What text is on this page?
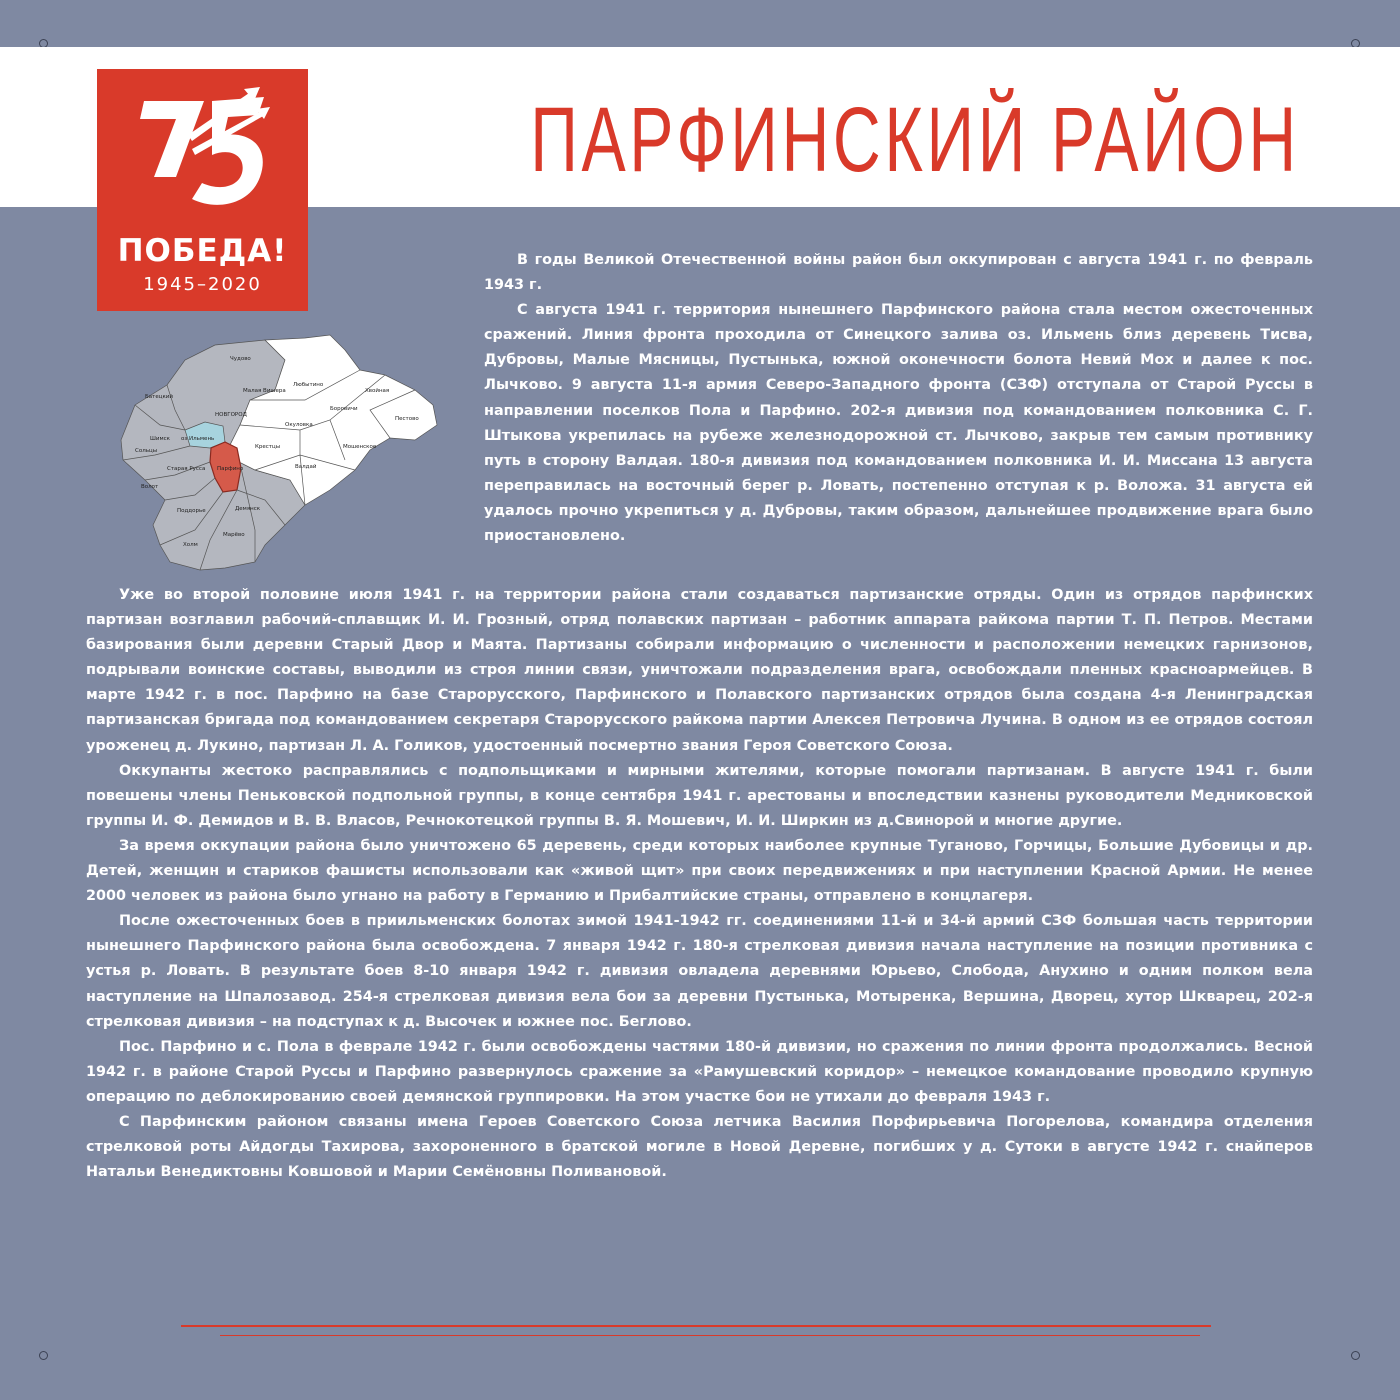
ПАРФИНСКИЙ РАЙОН
ПОБЕДА!
1945–2020
НОВГОРОД
оз.Ильмень
Парфино
Любытино
Хвойная
Окуловка
Валдай
Малая Вишера
Сольцы
Батецкий
Шимск
Старая Русса
Поддорье
Холм
Демянск
Марёво
Крестцы
Чудово
Пестово
Волот
Мошенское
Боровичи

В годы Великой Отечественной войны район был оккупирован с августа 1941 г. по февраль 1943 г.

С августа 1941 г. территория нынешнего Парфинского района стала местом ожесточенных сражений. Линия фронта проходила от Синецкого залива оз. Ильмень близ деревень Тисва, Дубровы, Малые Мясницы, Пустынька, южной оконечности болота Невий Мох и далее к пос. Лычково. 9 августа 11-я армия Северо-Западного фронта (СЗФ) отступала от Старой Руссы в направлении поселков Пола и Парфино. 202-я дивизия под командованием полковника С. Г. Штыкова укрепилась на рубеже железнодорожной ст. Лычково, закрыв тем самым противнику путь в сторону Валдая. 180-я дивизия под командованием полковника И. И. Миссана 13 августа переправилась на восточный берег р. Ловать, постепенно отступая к р. Воложа. 31 августа ей удалось прочно укрепиться у д. Дубровы, таким образом, дальнейшее продвижение врага было приостановлено.

Уже во второй половине июля 1941 г. на территории района стали создаваться партизанские отряды. Один из отрядов парфинских партизан возглавил рабочий-сплавщик И. И. Грозный, отряд полавских партизан – работник аппарата райкома партии Т. П. Петров. Местами базирования были деревни Старый Двор и Маята. Партизаны собирали информацию о численности и расположении немецких гарнизонов, подрывали воинские составы, выводили из строя линии связи, уничтожали подразделения врага, освобождали пленных красноармейцев. В марте 1942 г. в пос. Парфино на базе Старорусского, Парфинского и Полавского партизанских отрядов была создана 4-я Ленинградская партизанская бригада под командованием секретаря Старорусского райкома партии Алексея Петровича Лучина. В одном из ее отрядов состоял уроженец д. Лукино, партизан Л. А. Голиков, удостоенный посмертно звания Героя Советского Союза.

Оккупанты жестоко расправлялись с подпольщиками и мирными жителями, которые помогали партизанам. В августе 1941 г. были повешены члены Пеньковской подпольной группы, в конце сентября 1941 г. арестованы и впоследствии казнены руководители Медниковской группы И. Ф. Демидов и В. В. Власов, Речнокотецкой группы В. Я. Мошевич, И. И. Ширкин из д.Свинорой и многие другие.

За время оккупации района было уничтожено 65 деревень, среди которых наиболее крупные Туганово, Горчицы, Большие Дубовицы и др. Детей, женщин и стариков фашисты использовали как «живой щит» при своих передвижениях и при наступлении Красной Армии. Не менее 2000 человек из района было угнано на работу в Германию и Прибалтийские страны, отправлено в концлагеря.

После ожесточенных боев в приильменских болотах зимой 1941-1942 гг. соединениями 11-й и 34-й армий СЗФ большая часть территории нынешнего Парфинского района была освобождена. 7 января 1942 г. 180-я стрелковая дивизия начала наступление на позиции противника с устья р. Ловать. В результате боев 8-10 января 1942 г. дивизия овладела деревнями Юрьево, Слобода, Анухино и одним полком вела наступление на Шпалозавод. 254-я стрелковая дивизия вела бои за деревни Пустынька, Мотыренка, Вершина, Дворец, хутор Шкварец, 202-я стрелковая дивизия – на подступах к д. Высочек и южнее пос. Беглово.

Пос. Парфино и с. Пола в феврале 1942 г. были освобождены частями 180-й дивизии, но сражения по линии фронта продолжались. Весной 1942 г. в районе Старой Руссы и Парфино развернулось сражение за «Рамушевский коридор» – немецкое командование проводило крупную операцию по деблокированию своей демянской группировки. На этом участке бои не утихали до февраля 1943 г.

С Парфинским районом связаны имена Героев Советского Союза летчика Василия Порфирьевича Погорелова, командира отделения стрелковой роты Айдогды Тахирова, захороненного в братской могиле в Новой Деревне, погибших у д. Сутоки в августе 1942 г. снайперов Натальи Венедиктовны Ковшовой и Марии Семёновны Поливановой.
